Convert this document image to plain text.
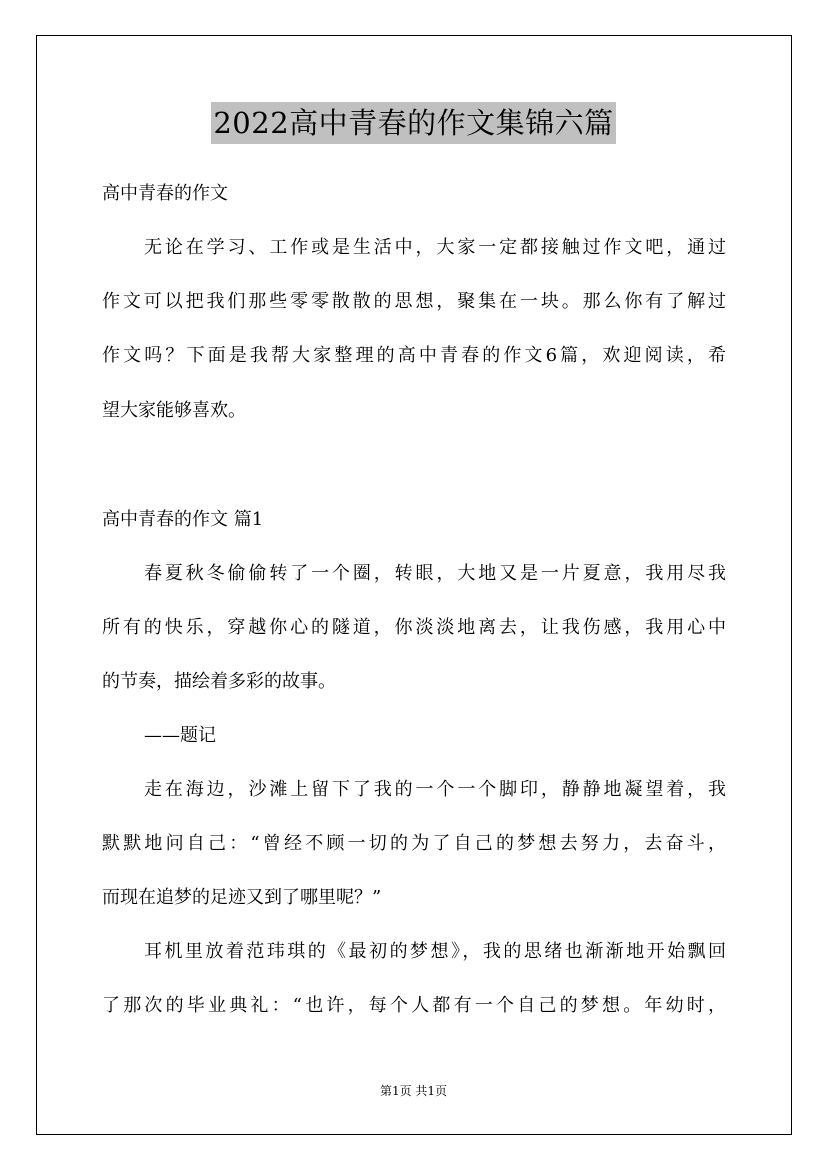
2022高中青春的作文集锦六篇
高中青春的作文
无论在学习、工作或是生活中，大家一定都接触过作文吧，通过
作文可以把我们那些零零散散的思想，聚集在一块。那么你有了解过
作文吗？下面是我帮大家整理的高中青春的作文6篇，欢迎阅读，希
望大家能够喜欢。
高中青春的作文 篇1
春夏秋冬偷偷转了一个圈，转眼，大地又是一片夏意，我用尽我
所有的快乐，穿越你心的隧道，你淡淡地离去，让我伤感，我用心中
的节奏，描绘着多彩的故事。
——题记
走在海边，沙滩上留下了我的一个一个脚印，静静地凝望着，我
默默地问自己：“曾经不顾一切的为了自己的梦想去努力，去奋斗，
而现在追梦的足迹又到了哪里呢？”
耳机里放着范玮琪的《最初的梦想》，我的思绪也渐渐地开始飘回
了那次的毕业典礼：“也许，每个人都有一个自己的梦想。年幼时，
第1页 共1页
